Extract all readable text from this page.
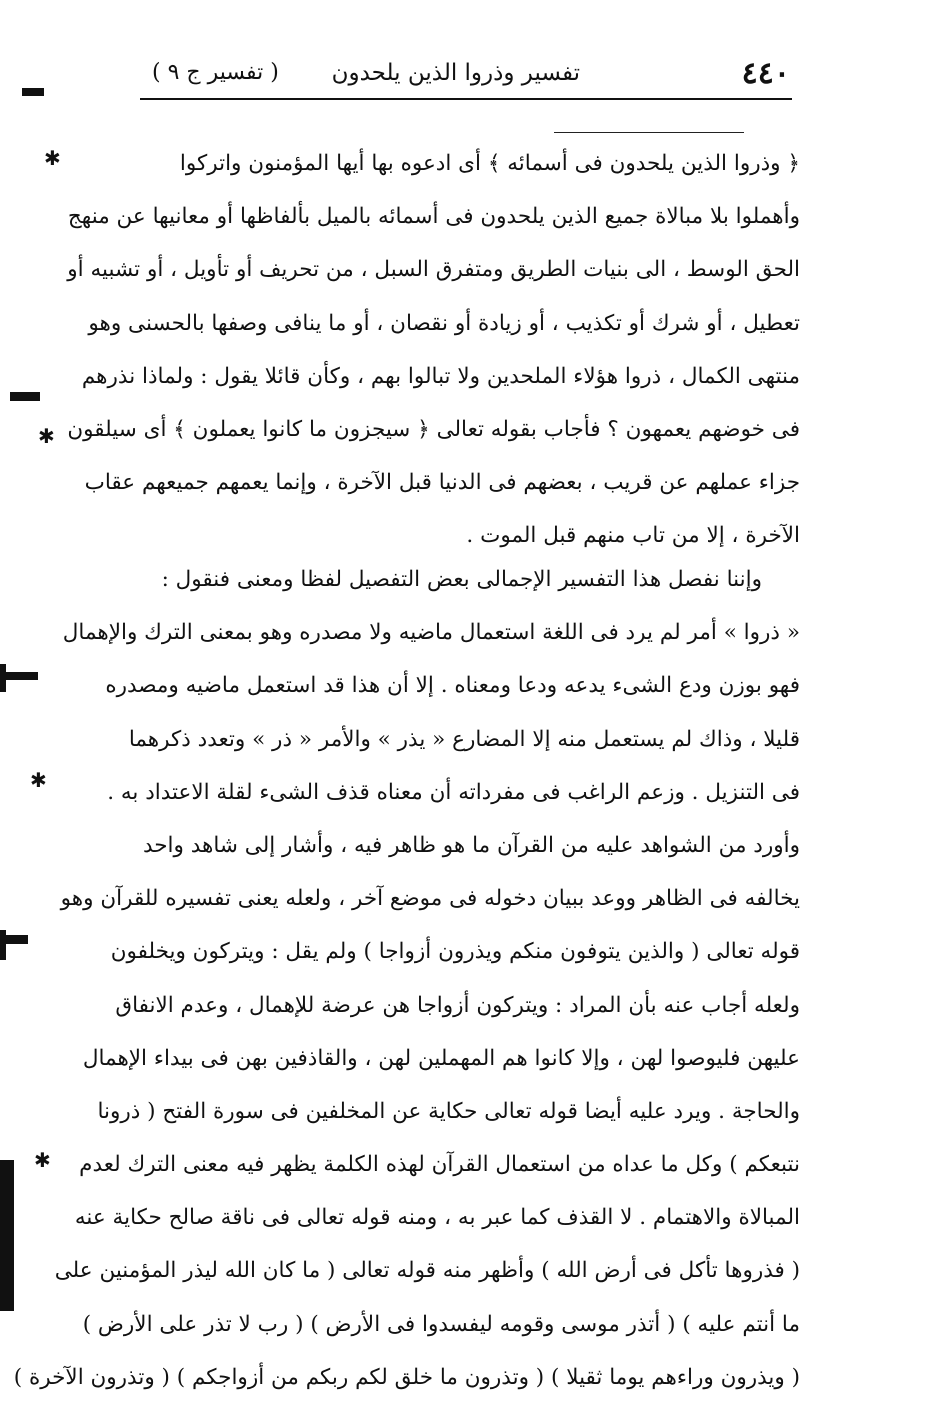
٤٤٠
تفسير وذروا الذين يلحدون
( تفسير ج ٩ )
﴿ وذروا الذين يلحدون فى أسمائه ﴾ أى ادعوه بها أيها المؤمنون واتركوا
وأهملوا بلا مبالاة جميع الذين يلحدون فى أسمائه بالميل بألفاظها أو معانيها عن منهج
الحق الوسط ، الى بنيات الطريق ومتفرق السبل ، من تحريف أو تأويل ، أو تشبيه أو
تعطيل ، أو شرك أو تكذيب ، أو زيادة أو نقصان ، أو ما ينافى وصفها بالحسنى وهو
منتهى الكمال ، ذروا هؤلاء الملحدين ولا تبالوا بهم ، وكأن قائلا يقول : ولماذا نذرهم
فى خوضهم يعمهون ؟ فأجاب بقوله تعالى ﴿ سيجزون ما كانوا يعملون ﴾ أى سيلقون
جزاء عملهم عن قريب ، بعضهم فى الدنيا قبل الآخرة ، وإنما يعمهم جميعهم عقاب
الآخرة ، إلا من تاب منهم قبل الموت .
وإننا نفصل هذا التفسير الإجمالى بعض التفصيل لفظا ومعنى فنقول :
« ذروا » أمر لم يرد فى اللغة استعمال ماضيه ولا مصدره وهو بمعنى الترك والإهمال
فهو بوزن ودع الشىء يدعه ودعا ومعناه . إلا أن هذا قد استعمل ماضيه ومصدره
قليلا ، وذاك لم يستعمل منه إلا المضارع « يذر » والأمر « ذر » وتعدد ذكرهما
فى التنزيل . وزعم الراغب فى مفرداته أن معناه قذف الشىء لقلة الاعتداد به .
وأورد من الشواهد عليه من القرآن ما هو ظاهر فيه ، وأشار إلى شاهد واحد
يخالفه فى الظاهر ووعد ببيان دخوله فى موضع آخر ، ولعله يعنى تفسيره للقرآن وهو
قوله تعالى ( والذين يتوفون منكم ويذرون أزواجا ) ولم يقل : ويتركون ويخلفون
ولعله أجاب عنه بأن المراد : ويتركون أزواجا هن عرضة للإهمال ، وعدم الانفاق
عليهن فليوصوا لهن ، وإلا كانوا هم المهملين لهن ، والقاذفين بهن فى بيداء الإهمال
والحاجة . ويرد عليه أيضا قوله تعالى حكاية عن المخلفين فى سورة الفتح ( ذرونا
نتبعكم ) وكل ما عداه من استعمال القرآن لهذه الكلمة يظهر فيه معنى الترك لعدم
المبالاة والاهتمام . لا القذف كما عبر به ، ومنه قوله تعالى فى ناقة صالح حكاية عنه
( فذروها تأكل فى أرض الله ) وأظهر منه قوله تعالى ( ما كان الله ليذر المؤمنين على
ما أنتم عليه ) ( أتذر موسى وقومه ليفسدوا فى الأرض ) ( رب لا تذر على الأرض )
( ويذرون وراءهم يوما ثقيلا ) ( وتذرون ما خلق لكم ربكم من أزواجكم ) ( وتذرون الآخرة )
✱
✱
✱
✱
